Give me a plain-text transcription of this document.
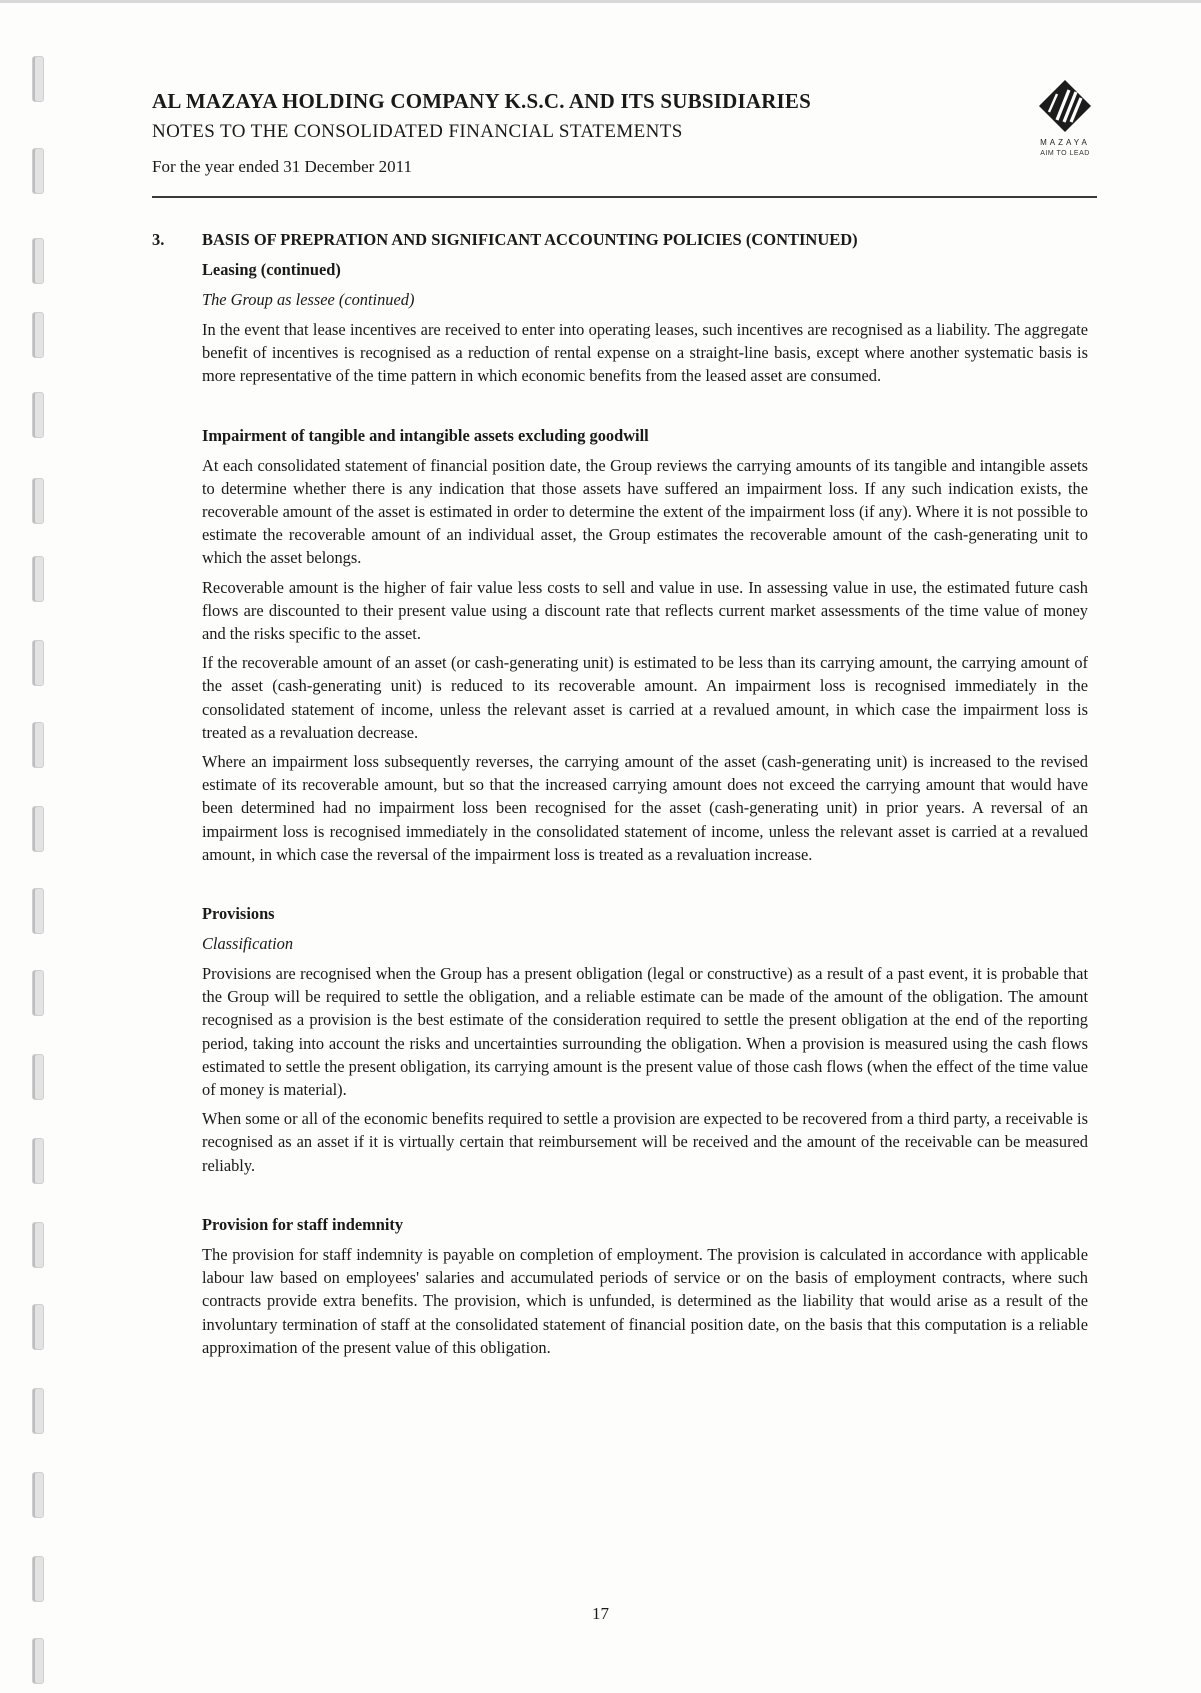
AL MAZAYA HOLDING COMPANY K.S.C. AND ITS SUBSIDIARIES
NOTES TO THE CONSOLIDATED FINANCIAL STATEMENTS
For the year ended 31 December 2011
MAZAYA
AIM TO LEAD
3.	BASIS OF PREPRATION AND SIGNIFICANT ACCOUNTING POLICIES (CONTINUED)
Leasing (continued)
The Group as lessee (continued)

In the event that lease incentives are received to enter into operating leases, such incentives are recognised as a liability. The aggregate benefit of incentives is recognised as a reduction of rental expense on a straight-line basis, except where another systematic basis is more representative of the time pattern in which economic benefits from the leased asset are consumed.

Impairment of tangible and intangible assets excluding goodwill

At each consolidated statement of financial position date, the Group reviews the carrying amounts of its tangible and intangible assets to determine whether there is any indication that those assets have suffered an impairment loss. If any such indication exists, the recoverable amount of the asset is estimated in order to determine the extent of the impairment loss (if any). Where it is not possible to estimate the recoverable amount of an individual asset, the Group estimates the recoverable amount of the cash-generating unit to which the asset belongs.

Recoverable amount is the higher of fair value less costs to sell and value in use. In assessing value in use, the estimated future cash flows are discounted to their present value using a discount rate that reflects current market assessments of the time value of money and the risks specific to the asset.

If the recoverable amount of an asset (or cash-generating unit) is estimated to be less than its carrying amount, the carrying amount of the asset (cash-generating unit) is reduced to its recoverable amount. An impairment loss is recognised immediately in the consolidated statement of income, unless the relevant asset is carried at a revalued amount, in which case the impairment loss is treated as a revaluation decrease.

Where an impairment loss subsequently reverses, the carrying amount of the asset (cash-generating unit) is increased to the revised estimate of its recoverable amount, but so that the increased carrying amount does not exceed the carrying amount that would have been determined had no impairment loss been recognised for the asset (cash-generating unit) in prior years. A reversal of an impairment loss is recognised immediately in the consolidated statement of income, unless the relevant asset is carried at a revalued amount, in which case the reversal of the impairment loss is treated as a revaluation increase.

Provisions
Classification

Provisions are recognised when the Group has a present obligation (legal or constructive) as a result of a past event, it is probable that the Group will be required to settle the obligation, and a reliable estimate can be made of the amount of the obligation. The amount recognised as a provision is the best estimate of the consideration required to settle the present obligation at the end of the reporting period, taking into account the risks and uncertainties surrounding the obligation. When a provision is measured using the cash flows estimated to settle the present obligation, its carrying amount is the present value of those cash flows (when the effect of the time value of money is material).

When some or all of the economic benefits required to settle a provision are expected to be recovered from a third party, a receivable is recognised as an asset if it is virtually certain that reimbursement will be received and the amount of the receivable can be measured reliably.

Provision for staff indemnity

The provision for staff indemnity is payable on completion of employment. The provision is calculated in accordance with applicable labour law based on employees' salaries and accumulated periods of service or on the basis of employment contracts, where such contracts provide extra benefits. The provision, which is unfunded, is determined as the liability that would arise as a result of the involuntary termination of staff at the consolidated statement of financial position date, on the basis that this computation is a reliable approximation of the present value of this obligation.

17
